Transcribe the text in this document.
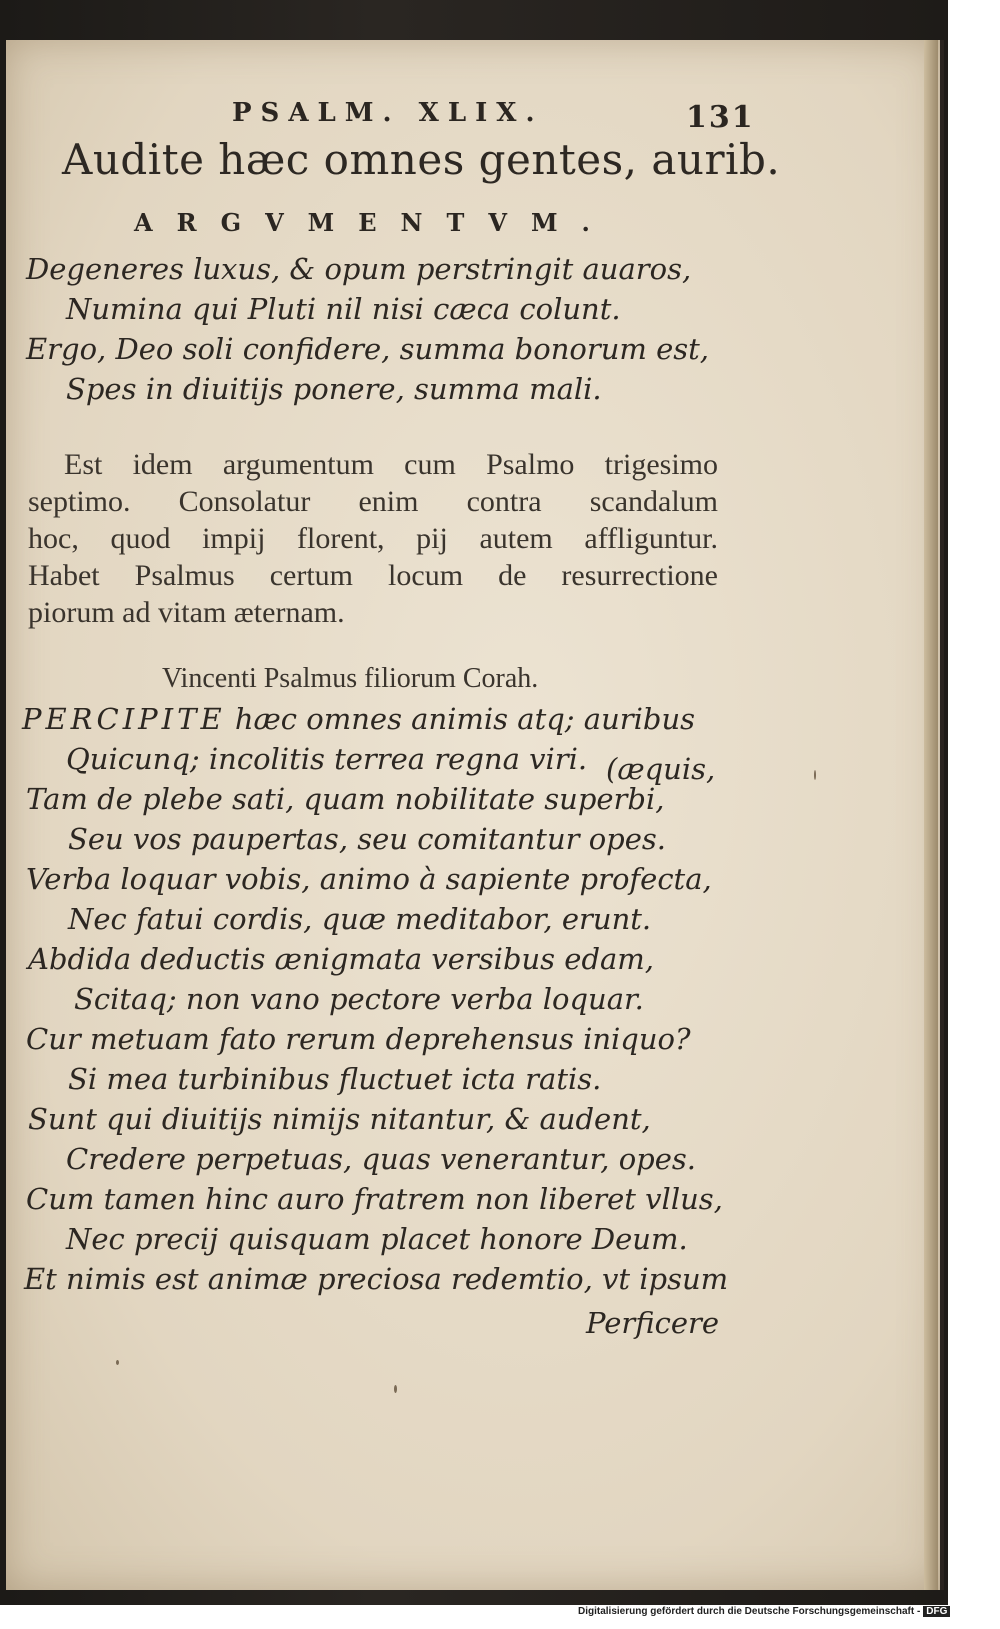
PSALM. XLIX.	131
Audite hæc omnes gentes, aurib.
ARGVMENTVM.
Degeneres luxus, & opum perstringit auaros,
Numina qui Pluti nil nisi cæca colunt.
Ergo, Deo soli confidere, summa bonorum est,
Spes in diuitijs ponere, summa mali.
Est idem argumentum cum Psalmo trigesimo
septimo. Consolatur enim contra scandalum
hoc, quod impij florent, pij autem affliguntur.
Habet Psalmus certum locum de resurrectione
piorum ad vitam æternam.
Vincenti Psalmus filiorum Corah.
PERCIPITE hæc omnes animis atq; auribus
Quicunq; incolitis terrea regna viri. (æquis,
Tam de plebe sati, quam nobilitate superbi,
Seu vos paupertas, seu comitantur opes.
Verba loquar vobis, animo à sapiente profecta,
Nec fatui cordis, quæ meditabor, erunt.
Abdida deductis ænigmata versibus edam,
Scitaq; non vano pectore verba loquar.
Cur metuam fato rerum deprehensus iniquo?
Si mea turbinibus fluctuet icta ratis.
Sunt qui diuitijs nimijs nitantur, & audent,
Credere perpetuas, quas venerantur, opes.
Cum tamen hinc auro fratrem non liberet vllus,
Nec precij quisquam placet honore Deum.
Et nimis est animæ preciosa redemtio, vt ipsum
Perficere
Digitalisierung gefördert durch die Deutsche Forschungsgemeinschaft - DFG
